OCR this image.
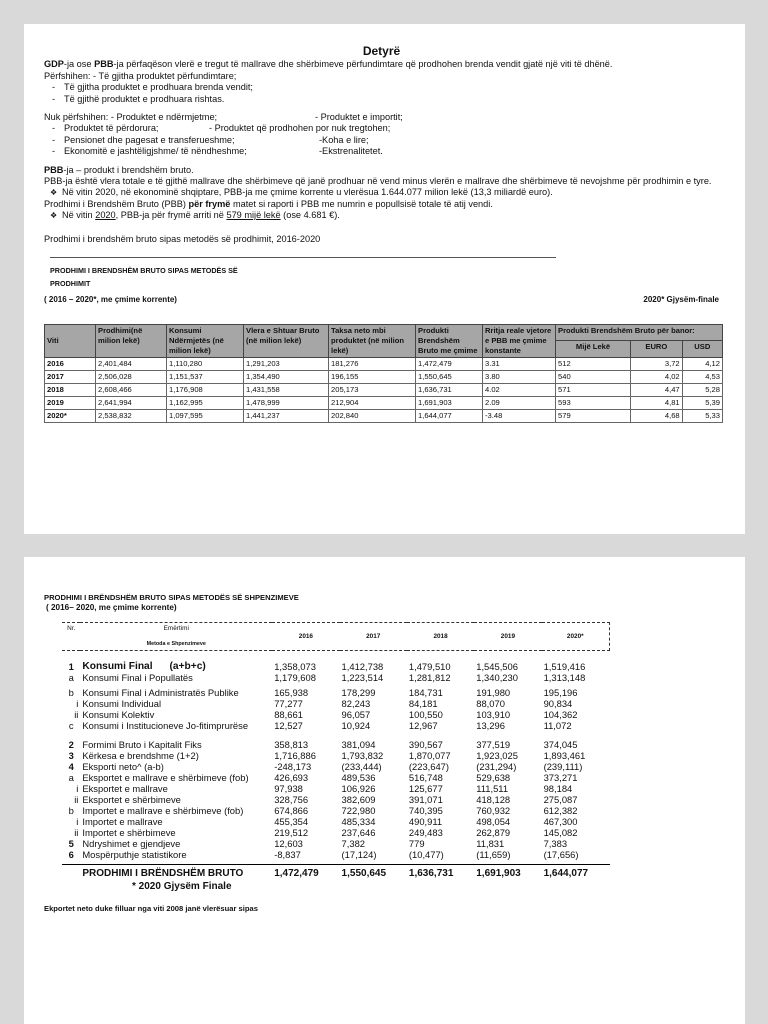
Detyrë

GDP-ja ose PBB-ja përfaqëson vlerë e tregut të mallrave dhe shërbimeve përfundimtare që prodhohen brenda vendit gjatë një viti të dhënë.

Përfshihen: - Të gjitha produktet përfundimtare;

- Të gjitha produktet e prodhuara brenda vendit;

- Të gjithë produktet e prodhuara rishtas.

Nuk përfshihen: - Produktet e ndërmjetme;	- Produktet e importit;

- Produktet të përdorura;	- Produktet që prodhohen por nuk tregtohen;

- Pensionet dhe pagesat e transferueshme;	-Koha e lire;

- Ekonomitë e jashtëligjshme/ të nëndheshme;	-Ekstrenalitetet.

PBB-ja – produkt i brendshëm bruto.

PBB-ja është vlera totale e të gjithë mallrave dhe shërbimeve që janë prodhuar në vend minus vlerën e mallrave dhe shërbimeve të nevojshme për prodhimin e tyre.

❖ Në vitin 2020, në ekonominë shqiptare, PBB-ja me çmime korrente u vlerësua 1.644.077 milion lekë (13,3 miliardë euro).

Prodhimi i Brendshëm Bruto (PBB) për frymë matet si raporti i PBB me numrin e popullsisë totale të atij vendi.

❖ Në vitin 2020, PBB-ja për frymë arriti në 579 mijë lekë (ose 4.681 €).

Prodhimi i brendshëm bruto sipas metodës së prodhimit, 2016-2020

PRODHIMI I BRENDSHËM BRUTO SIPAS METODËS SË

PRODHIMIT

( 2016 – 2020*, me çmime korrente)	2020* Gjysëm-finale
Viti	Prodhimi(në milion lekë)	Konsumi Ndërmjetës (në milion lekë)	Vlera e Shtuar Bruto (në milion lekë)	Taksa neto mbi produktet (në milion lekë)	Produkti Brendshëm Bruto me çmime	Rritja reale vjetore e PBB me çmime konstante	Produkti Brendshëm Bruto për banor:		
							Mijë Lekë	EURO	USD
2016	2,401,484	1,110,280	1,291,203	181,276	1,472,479	3.31	512	3,72	4,12
2017	2,506,028	1,151,537	1,354,490	196,155	1,550,645	3.80	540	4,02	4,53
2018	2,608,466	1,176,908	1,431,558	205,173	1,636,731	4.02	571	4,47	5,28
2019	2,641,994	1,162,995	1,478,999	212,904	1,691,903	2.09	593	4,81	5,39
2020*	2,538,832	1,097,595	1,441,237	202,840	1,644,077	-3.48	579	4,68	5,33

PRODHIMI I BRËNDSHËM BRUTO SIPAS METODËS SË SHPENZIMEVE

( 2016– 2020, me çmime korrente)

Nr.	Emërtimi
Metoda e Shpenzimeve	2016	2017	2018	2019	2020*

1	Konsumi Final      (a+b+c)	1,358,073	1,412,738	1,479,510	1,545,506	1,519,416
a	Konsumi Final i Popullatës	1,179,608	1,223,514	1,281,812	1,340,230	1,313,148

b	Konsumi Final i Administratës Publike	165,938	178,299	184,731	191,980	195,196
i	Konsumi Individual	77,277	82,243	84,181	88,070	90,834
ii	Konsumi Kolektiv	88,661	96,057	100,550	103,910	104,362
c	Konsumi i Institucioneve Jo-fitimprurëse	12,527	10,924	12,967	13,296	11,072

2	Formimi Bruto i Kapitalit Fiks	358,813	381,094	390,567	377,519	374,045
3	Kërkesa e brendshme (1+2)	1,716,886	1,793,832	1,870,077	1,923,025	1,893,461
4	Eksporti neto^ (a-b)	-248,173	(233,444)	(223,647)	(231,294)	(239,111)
a	Eksportet e mallrave e shërbimeve (fob)	426,693	489,536	516,748	529,638	373,271
i	Eksportet e mallrave	97,938	106,926	125,677	111,511	98,184
ii	Eksportet e shërbimeve	328,756	382,609	391,071	418,128	275,087
b	Importet e mallrave e shërbimeve (fob)	674,866	722,980	740,395	760,932	612,382
i	Importet e mallrave	455,354	485,334	490,911	498,054	467,300
ii	Importet e shërbimeve	219,512	237,646	249,483	262,879	145,082
5	Ndryshimet e gjendjeve	12,603	7,382	779	11,831	7,383
6	Mospërputhje statistikore	-8,837	(17,124)	(10,477)	(11,659)	(17,656)

	PRODHIMI I BRËNDSHËM BRUTO	1,472,479	1,550,645	1,636,731	1,691,903	1,644,077

* 2020 Gjysëm Finale

Ekportet neto duke filluar nga viti 2008 janë vlerësuar sipas
